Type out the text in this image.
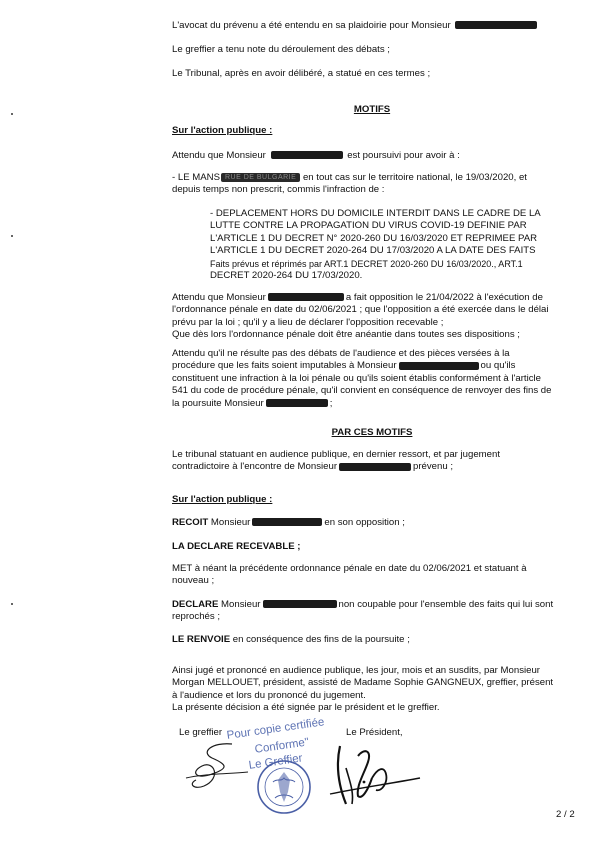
L'avocat du prévenu a été entendu en sa plaidoirie pour Monsieur

Le greffier a tenu note du déroulement des débats ;

Le Tribunal, après en avoir délibéré, a statué en ces termes ;

MOTIFS

Sur l'action publique :

Attendu que Monsieur	est poursuivi pour avoir à :

- LE MANS RUE DE BULGARIE en tout cas sur le territoire national, le 19/03/2020, et
depuis temps non prescrit, commis l'infraction de :

- DEPLACEMENT HORS DU DOMICILE INTERDIT DANS LE CADRE DE LA
LUTTE CONTRE LA PROPAGATION DU VIRUS COVID-19 DEFINIE PAR
L'ARTICLE 1 DU DECRET N° 2020-260 DU 16/03/2020 ET REPRIMEE PAR
L'ARTICLE 1 DU DECRET 2020-264 DU 17/03/2020 A LA DATE DES FAITS
Faits prévus et réprimés par ART.1 DECRET 2020-260 DU 16/03/2020., ART.1
DECRET 2020-264 DU 17/03/2020.

Attendu que Monsieur	a fait opposition le 21/04/2022 à l'exécution de
l'ordonnance pénale en date du 02/06/2021 ; que l'opposition a été exercée dans le délai
prévu par la loi ; qu'il y a lieu de déclarer l'opposition recevable ;
Que dès lors l'ordonnance pénale doit être anéantie dans toutes ses dispositions ;

Attendu qu'il ne résulte pas des débats de l'audience et des pièces versées à la
procédure que les faits soient imputables à Monsieur	ou qu'ils
constituent une infraction à la loi pénale ou qu'ils soient établis conformément à l'article
541 du code de procédure pénale, qu'il convient en conséquence de renvoyer des fins de
la poursuite Monsieur	;

PAR CES MOTIFS

Le tribunal statuant en audience publique, en dernier ressort, et par jugement
contradictoire à l'encontre de Monsieur	prévenu ;

Sur l'action publique :

RECOIT Monsieur	en son opposition ;

LA DECLARE RECEVABLE ;

MET à néant la précédente ordonnance pénale en date du 02/06/2021 et statuant à
nouveau ;

DECLARE Monsieur	non coupable pour l'ensemble des faits qui lui sont
reprochés ;

LE RENVOIE en conséquence des fins de la poursuite ;

Ainsi jugé et prononcé en audience publique, les jour, mois et an susdits, par Monsieur
Morgan MELLOUET, président, assisté de Madame Sophie GANGNEUX, greffier, présent
à l'audience et lors du prononcé du jugement.
La présente décision a été signée par le président et le greffier.

Le greffier	Le Président,

Pour copie certifiée
Conforme"
Le Greffier

2 / 2
